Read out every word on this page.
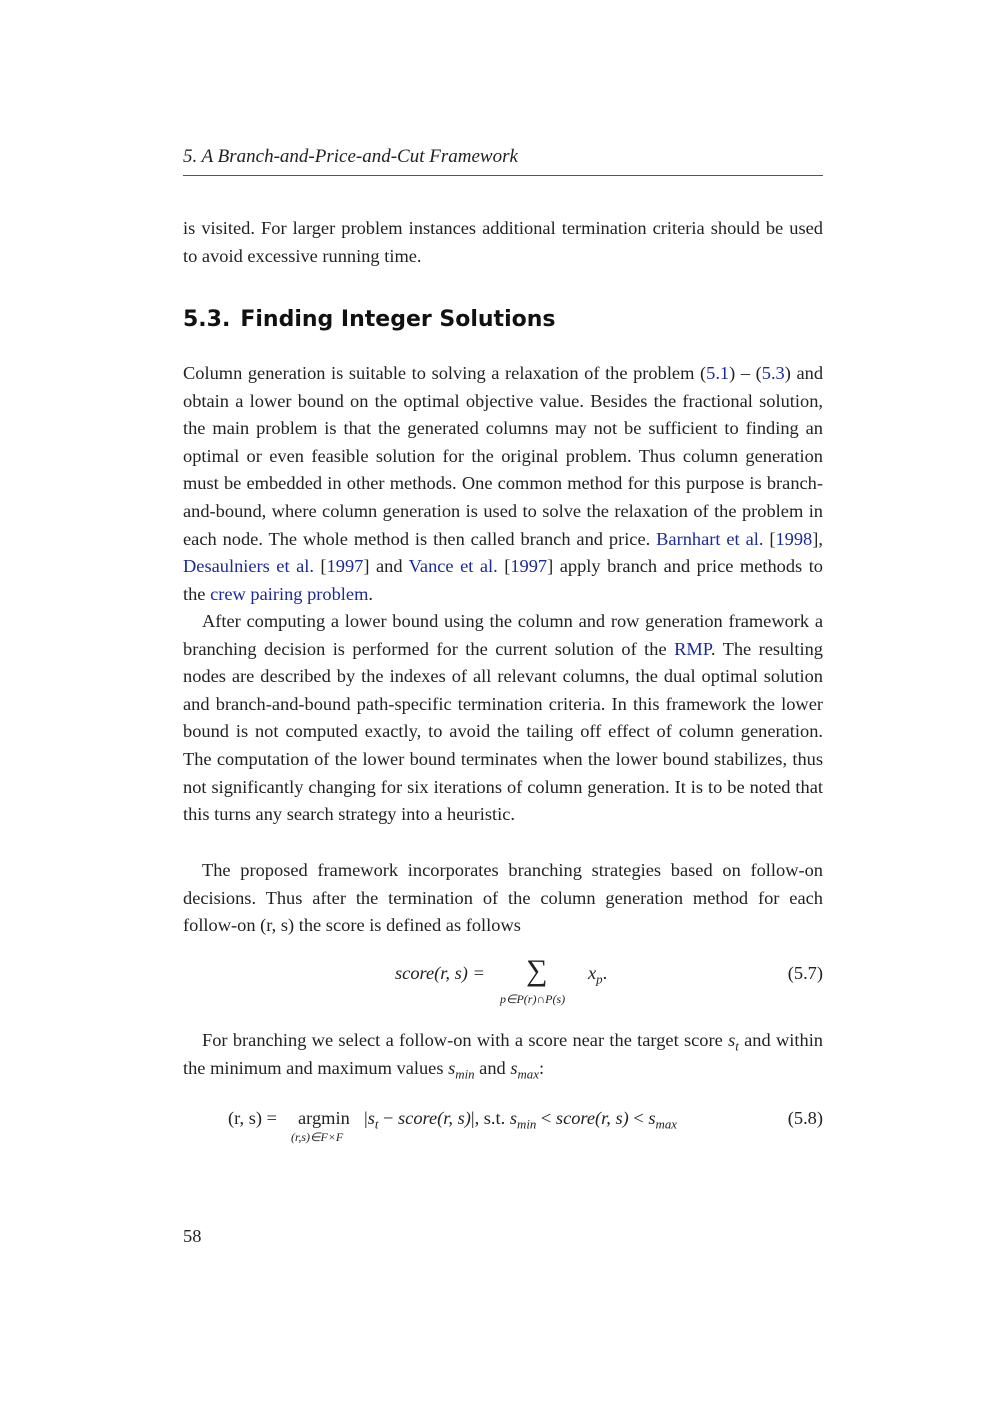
5. A Branch-and-Price-and-Cut Framework

is visited. For larger problem instances additional termination criteria should be used to avoid excessive running time.

5.3. Finding Integer Solutions

Column generation is suitable to solving a relaxation of the problem (5.1) – (5.3) and obtain a lower bound on the optimal objective value. Besides the fractional solution, the main problem is that the generated columns may not be sufficient to finding an optimal or even feasible solution for the original problem. Thus column generation must be embedded in other methods. One common method for this purpose is branch-and-bound, where column generation is used to solve the relaxation of the problem in each node. The whole method is then called branch and price. Barnhart et al. [1998], Desaulniers et al. [1997] and Vance et al. [1997] apply branch and price methods to the crew pairing problem.

After computing a lower bound using the column and row generation framework a branching decision is performed for the current solution of the RMP. The resulting nodes are described by the indexes of all relevant columns, the dual optimal solution and branch-and-bound path-specific termination criteria. In this framework the lower bound is not computed exactly, to avoid the tailing off effect of column generation. The computation of the lower bound terminates when the lower bound stabilizes, thus not significantly changing for six iterations of column generation. It is to be noted that this turns any search strategy into a heuristic.

The proposed framework incorporates branching strategies based on follow-on decisions. Thus after the termination of the column generation method for each follow-on (r, s) the score is defined as follows

score(r, s) = ∑
p∈P(r)∩P(s)
$x_p$.	(5.7)

For branching we select a follow-on with a score near the target score $s_t$ and within the minimum and maximum values $s_{min}$ and $s_{max}$:

(r, s) = argmin
(r,s)∈F×F
$|s_t$ − score(r, s)|, s.t. $s_{min}$ < score(r, $s) < s_{max}$	(5.8)
58
